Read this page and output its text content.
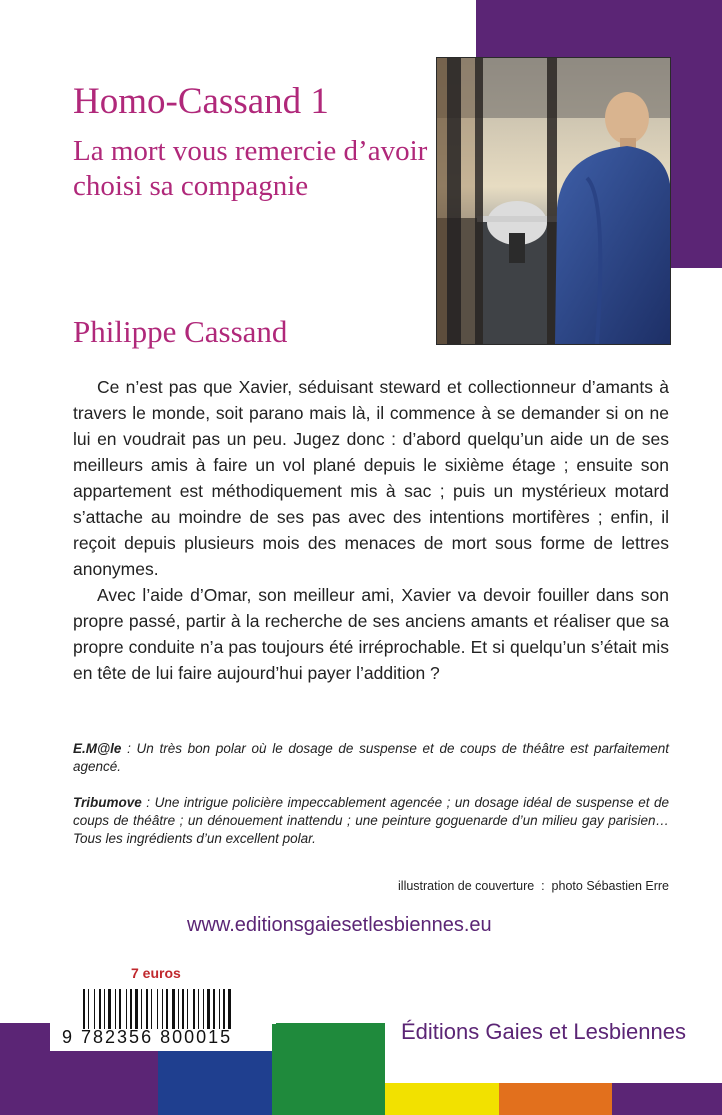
Homo-Cassand 1
La mort vous remercie d’avoir choisi sa compagnie
Philippe Cassand

Ce n’est pas que Xavier, séduisant steward et collectionneur d’amants à travers le monde, soit parano mais là, il commence à se demander si on ne lui en voudrait pas un peu. Jugez donc : d’abord quelqu’un aide un de ses meilleurs amis à faire un vol plané depuis le sixième étage ; ensuite son appartement est méthodiquement mis à sac ; puis un mystérieux motard s’attache au moindre de ses pas avec des intentions mortifères ; enfin, il reçoit depuis plusieurs mois des menaces de mort sous forme de lettres anonymes.

Avec l’aide d’Omar, son meilleur ami, Xavier va devoir fouiller dans son propre passé, partir à la recherche de ses anciens amants et réaliser que sa propre conduite n’a pas toujours été irréprochable. Et si quelqu’un s’était mis en tête de lui faire aujourd’hui payer l’addition ?

E.M@le : Un très bon polar où le dosage de suspense et de coups de théâtre est parfaitement agencé.
Tribumove : Une intrigue policière impeccablement agencée ; un dosage idéal de suspense et de coups de théâtre ; un dénouement inattendu ; une peinture goguenarde d’un milieu gay parisien…Tous les ingrédients d’un excellent polar.
illustration de couverture  :  photo Sébastien Erre
www.editionsgaiesetlesbiennes.eu
7 euros
9 782356 800015	Éditions Gaies et Lesbiennes
